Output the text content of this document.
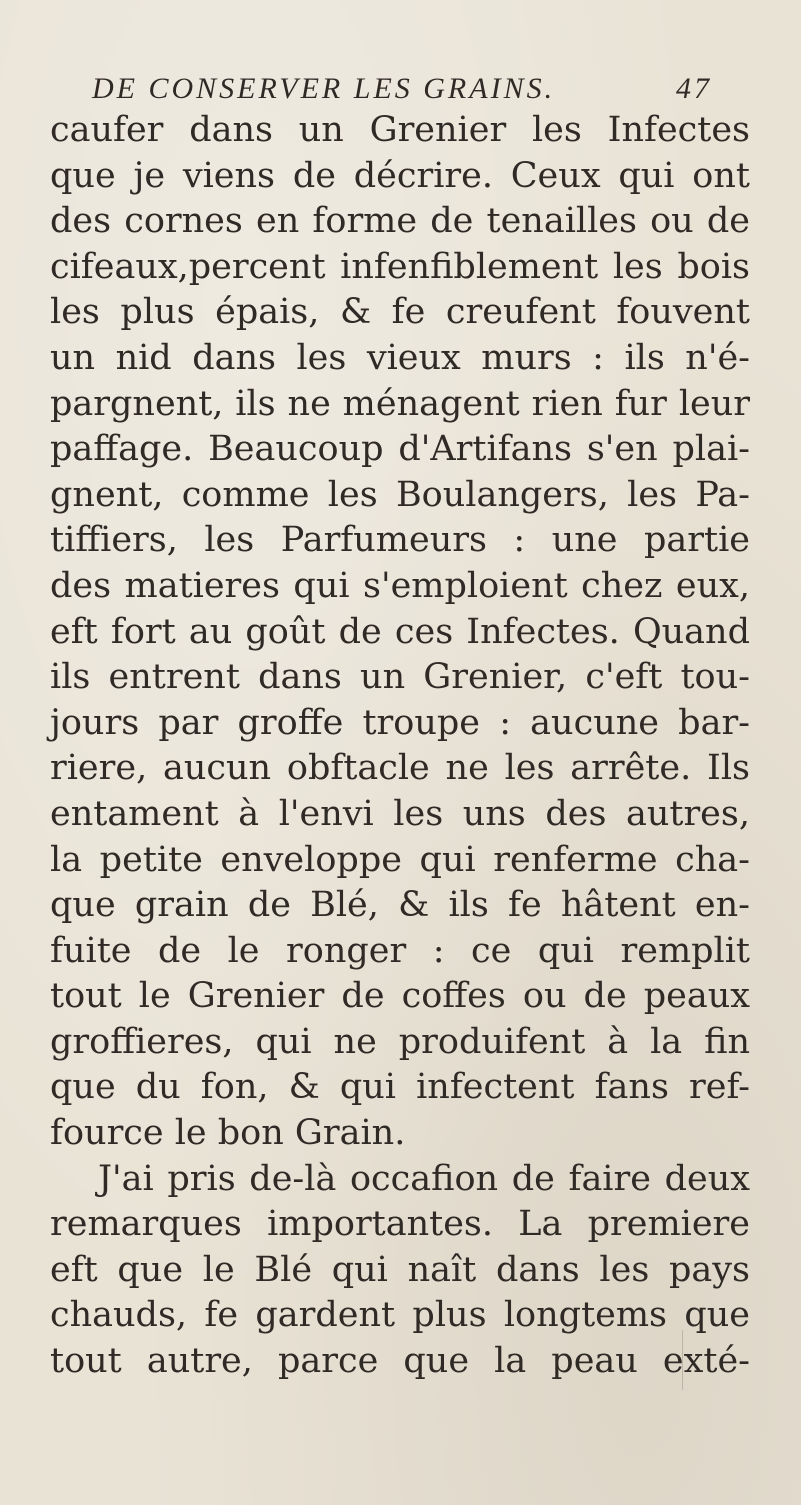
DE CONSERVER LES GRAINS.	47
caufer dans un Grenier les Infectes
que je viens de décrire. Ceux qui ont
des cornes en forme de tenailles ou de
cifeaux,percent infenfiblement les bois
les plus épais, & fe creufent fouvent
un nid dans les vieux murs : ils n'é-
pargnent, ils ne ménagent rien fur leur
paffage. Beaucoup d'Artifans s'en plai-
gnent, comme les Boulangers, les Pa-
tiffiers, les Parfumeurs : une partie
des matieres qui s'emploient chez eux,
eft fort au goût de ces Infectes. Quand
ils entrent dans un Grenier, c'eft tou-
jours par groffe troupe : aucune bar-
riere, aucun obftacle ne les arrête. Ils
entament à l'envi les uns des autres,
la petite enveloppe qui renferme cha-
que grain de Blé, & ils fe hâtent en-
fuite de le ronger : ce qui remplit
tout le Grenier de coffes ou de peaux
groffieres, qui ne produifent à la fin
que du fon, & qui infectent fans ref-
fource le bon Grain.
J'ai pris de-là occafion de faire deux
remarques importantes. La premiere
eft que le Blé qui naît dans les pays
chauds, fe gardent plus longtems que
tout autre, parce que la peau exté-
